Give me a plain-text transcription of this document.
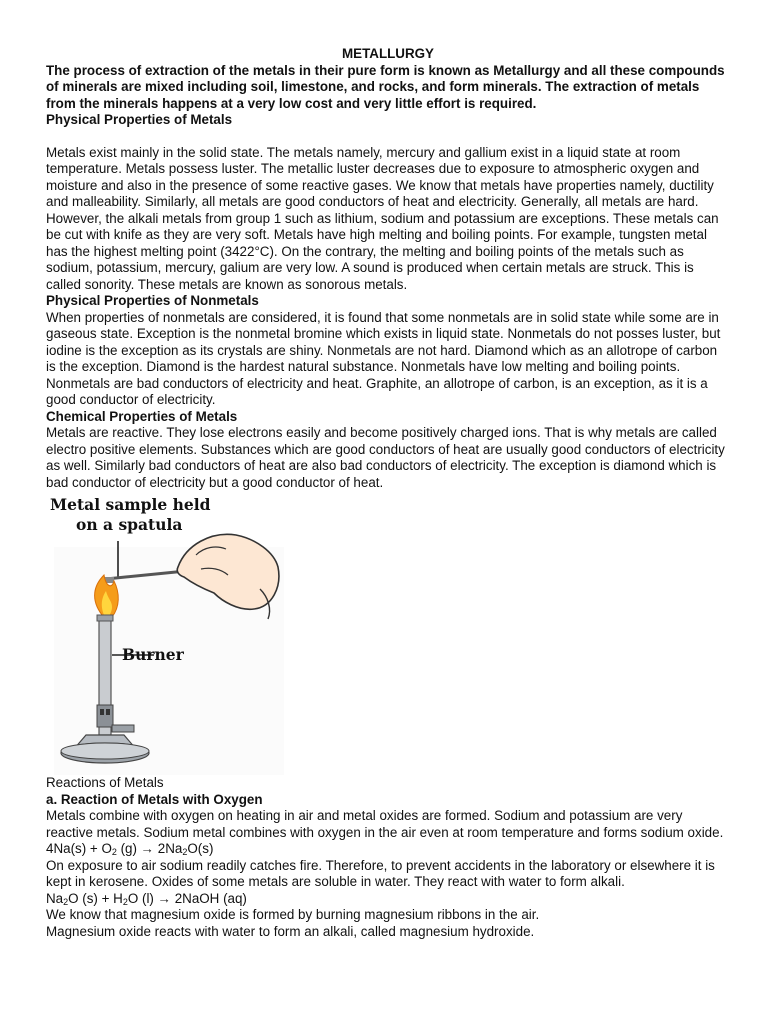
METALLURGY

The process of extraction of the metals in their pure form is known as Metallurgy and all these compounds of minerals are mixed including soil, limestone, and rocks, and form minerals. The extraction of metals from the minerals happens at a very low cost and very little effort is required.

Physical Properties of Metals

Metals exist mainly in the solid state. The metals namely, mercury and gallium exist in a liquid state at room temperature. Metals possess luster. The metallic luster decreases due to exposure to atmospheric oxygen and moisture and also in the presence of some reactive gases. We know that metals have properties namely, ductility and malleability. Similarly, all metals are good conductors of heat and electricity. Generally, all metals are hard.

However, the alkali metals from group 1 such as lithium, sodium and potassium are exceptions. These metals can be cut with knife as they are very soft. Metals have high melting and boiling points. For example, tungsten metal has the highest melting point (3422°C). On the contrary, the melting and boiling points of the metals such as sodium, potassium, mercury, galium are very low. A sound is produced when certain metals are struck. This is called sonority. These metals are known as sonorous metals.

Physical Properties of Nonmetals

When properties of nonmetals are considered, it is found that some nonmetals are in solid state while some are in gaseous state. Exception is the nonmetal bromine which exists in liquid state. Nonmetals do not posses luster, but iodine is the exception as its crystals are shiny. Nonmetals are not hard. Diamond which as an allotrope of carbon is the exception. Diamond is the hardest natural substance. Nonmetals have low melting and boiling points. Nonmetals are bad conductors of electricity and heat. Graphite, an allotrope of carbon, is an exception, as it is a good conductor of electricity.

Chemical Properties of Metals

Metals are reactive. They lose electrons easily and become positively charged ions. That is why metals are called electro positive elements. Substances which are good conductors of heat are usually good conductors of electricity as well. Similarly bad conductors of heat are also bad conductors of electricity. The exception is diamond which is bad conductor of electricity but a good conductor of heat.

Metal sample held
on a spatula
Burner

Reactions of Metals

a. Reaction of Metals with Oxygen

Metals combine with oxygen on heating in air and metal oxides are formed. Sodium and potassium are very reactive metals. Sodium metal combines with oxygen in the air even at room temperature and forms sodium oxide.

$4Na(s) + O_2$ $(g) \to 2Na_2O(s)$

On exposure to air sodium readily catches fire. Therefore, to prevent accidents in the laboratory or elsewhere it is kept in kerosene. Oxides of some metals are soluble in water. They react with water to form alkali.

$Na_2O$ $(s) + H_2O$ (l) → 2NaOH (aq)

We know that magnesium oxide is formed by burning magnesium ribbons in the air.

Magnesium oxide reacts with water to form an alkali, called magnesium hydroxide.
